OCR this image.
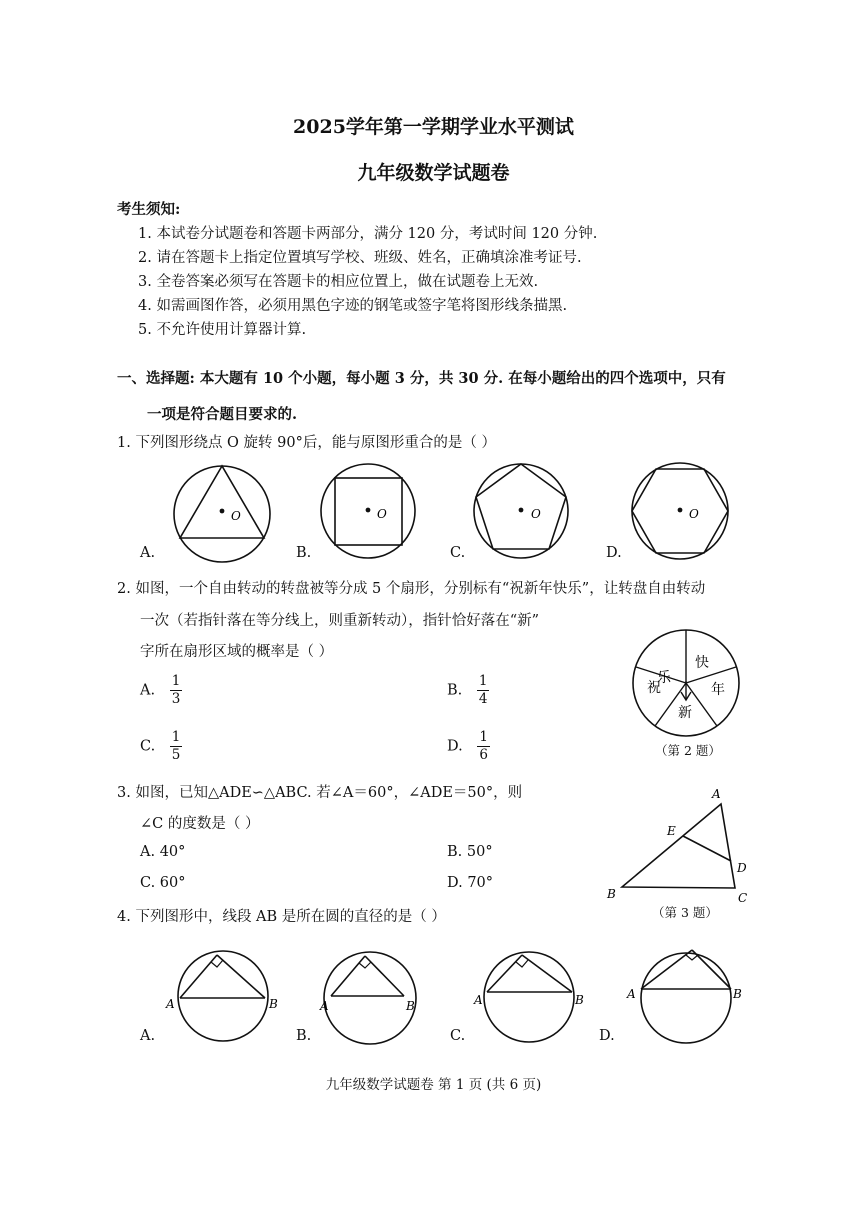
2025学年第一学期学业水平测试
九年级数学试题卷
考生须知:
1. 本试卷分试题卷和答题卡两部分，满分 120 分，考试时间 120 分钟.
2. 请在答题卡上指定位置填写学校、班级、姓名，正确填涂准考证号.
3. 全卷答案必须写在答题卡的相应位置上，做在试题卷上无效.
4. 如需画图作答，必须用黑色字迹的钢笔或签字笔将图形线条描黑.
5. 不允许使用计算器计算.
一、选择题: 本大题有 10 个小题，每小题 3 分，共 30 分. 在每小题给出的四个选项中，只有
一项是符合题目要求的.
1. 下列图形绕点 O 旋转 90°后，能与原图形重合的是（ ）
O	O	O	O
A.	B.	C.	D.
2. 如图，一个自由转动的转盘被等分成 5 个扇形，分别标有“祝新年快乐”，让转盘自由转动
一次（若指针落在等分线上，则重新转动），指针恰好落在“新”
字所在扇形区域的概率是（ ）
A. $\frac{1}{3}$	B. $\frac{1}{4}$
C. $\frac{1}{5}$	D. $\frac{1}{6}$
乐
快
年
新
祝
（第 2 题）
3. 如图，已知△ADE∽△ABC. 若∠A＝60°，∠ADE＝50°，则
∠C 的度数是（ ）
A. 40°	B. 50°
C. 60°	D. 70°
A
E
D
B	C
（第 3 题）
4. 下列图形中，线段 AB 是所在圆的直径的是（ ）
A	B	A	B	A	B	A	B
A.	B.	C.	D.
九年级数学试题卷 第 1 页 (共 6 页)
